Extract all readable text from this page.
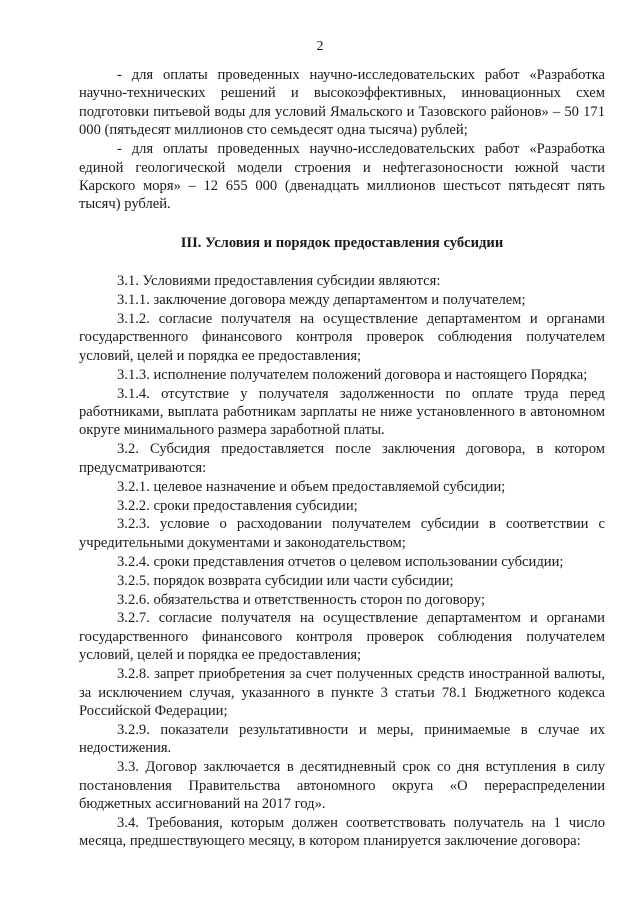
2

- для оплаты проведенных научно-исследовательских работ «Разработка научно-технических решений и высокоэффективных, инновационных схем подготовки питьевой воды для условий Ямальского и Тазовского районов» – 50 171 000 (пятьдесят миллионов сто семьдесят одна тысяча) рублей;

- для оплаты проведенных научно-исследовательских работ «Разработка единой геологической модели строения и нефтегазоносности южной части Карского моря» – 12 655 000 (двенадцать миллионов шестьсот пятьдесят пять тысяч) рублей.

III. Условия и порядок предоставления субсидии

3.1. Условиями предоставления субсидии являются:

3.1.1. заключение договора между департаментом и получателем;

3.1.2. согласие получателя на осуществление департаментом и органами государственного финансового контроля проверок соблюдения получателем условий, целей и порядка ее предоставления;

3.1.3. исполнение получателем положений договора и настоящего Порядка;

3.1.4. отсутствие у получателя задолженности по оплате труда перед работниками, выплата работникам зарплаты не ниже установленного в автономном округе минимального размера заработной платы.

3.2. Субсидия предоставляется после заключения договора, в котором предусматриваются:

3.2.1. целевое назначение и объем предоставляемой субсидии;

3.2.2. сроки предоставления субсидии;

3.2.3. условие о расходовании получателем субсидии в соответствии с учредительными документами и законодательством;

3.2.4. сроки представления отчетов о целевом использовании субсидии;

3.2.5. порядок возврата субсидии или части субсидии;

3.2.6. обязательства и ответственность сторон по договору;

3.2.7. согласие получателя на осуществление департаментом и органами государственного финансового контроля проверок соблюдения получателем условий, целей и порядка ее предоставления;

3.2.8. запрет приобретения за счет полученных средств иностранной валюты, за исключением случая, указанного в пункте 3 статьи 78.1 Бюджетного кодекса Российской Федерации;

3.2.9. показатели результативности и меры, принимаемые в случае их недостижения.

3.3. Договор заключается в десятидневный срок со дня вступления в силу постановления Правительства автономного округа «О перераспределении бюджетных ассигнований на 2017 год».

3.4. Требования, которым должен соответствовать получатель на 1 число месяца, предшествующего месяцу, в котором планируется заключение договора:
